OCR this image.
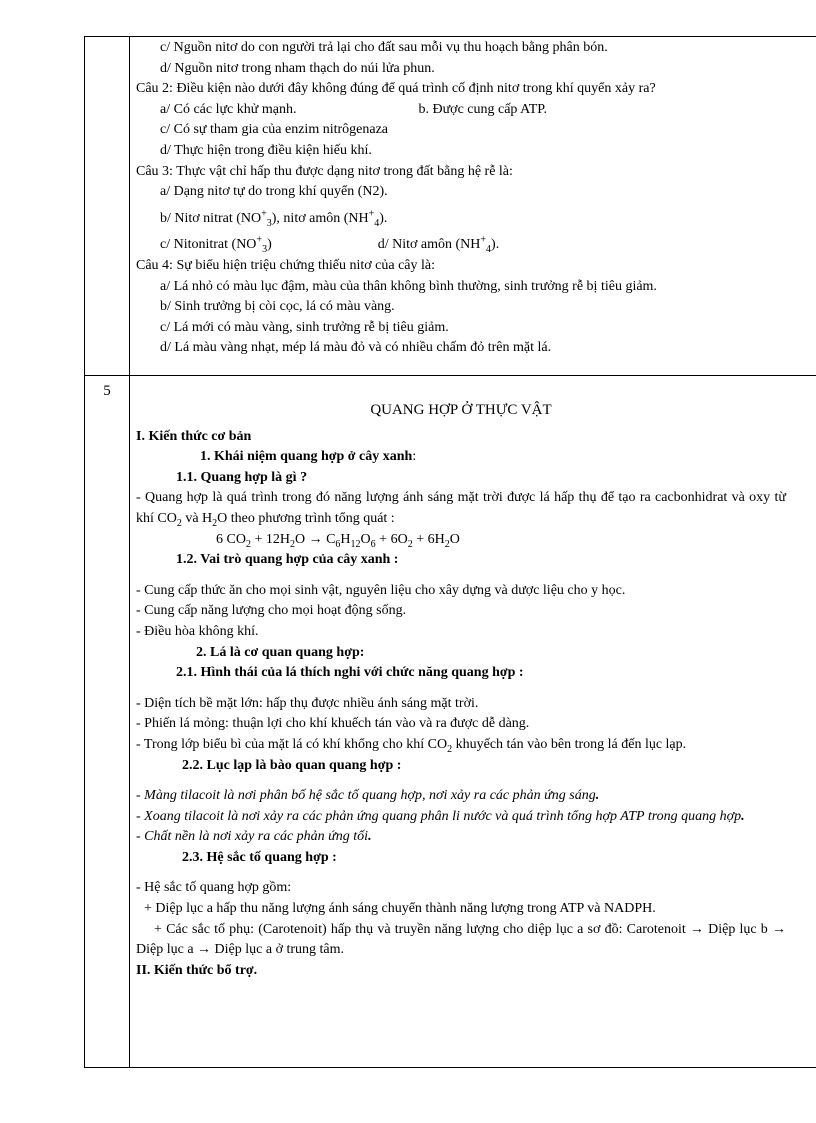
5

c/ Nguồn nitơ do con người trả lại cho đất sau mỗi vụ thu hoạch bằng phân bón.

d/ Nguồn nitơ trong nham thạch do núi lửa phun.

Câu 2: Điều kiện nào dưới đây không đúng để quá trình cố định nitơ trong khí quyển xảy ra?

a/ Có các lực khử mạnh.	b. Được cung cấp ATP.

c/ Có sự tham gia của enzim nitrôgenaza

d/ Thực hiện trong điều kiện hiếu khí.

Câu 3: Thực vật chỉ hấp thu được dạng nitơ trong đất bằng hệ rễ là:

a/ Dạng nitơ tự do trong khí quyển (N2).

b/ Nitơ nitrat $(NO^+_3)$, nitơ amôn $(NH^+_4)$.

c/ Nitonitrat $(NO^+_3)$	d/ Nitơ amôn $(NH^+_4)$.

Câu 4: Sự biểu hiện triệu chứng thiếu nitơ của cây là:

a/ Lá nhỏ có màu lục đậm, màu của thân không bình thường, sinh trưởng rễ bị tiêu giảm.

b/ Sinh trưởng bị còi cọc, lá có màu vàng.

c/ Lá mới có màu vàng, sinh trưởng rễ bị tiêu giảm.

d/ Lá màu vàng nhạt, mép lá màu đỏ và có nhiều chấm đỏ trên mặt lá.

QUANG HỢP Ở THỰC VẬT

I. Kiến thức cơ bản

1. Khái niệm quang hợp ở cây xanh:

1.1. Quang hợp là gì ?

- Quang hợp là quá trình trong đó năng lượng ánh sáng mặt trời được lá hấp thụ để tạo ra cacbonhidrat và oxy từ khí $CO_2$ và $H_2O$ theo phương trình tổng quát :

6 $CO_2 + 12H_2O \to C_6H_{12}O_6 + 6O_2 + 6H_2O$

1.2. Vai trò quang hợp của cây xanh :

- Cung cấp thức ăn cho mọi sinh vật, nguyên liệu cho xây dựng và dược liệu cho y học.

- Cung cấp năng lượng cho mọi hoạt động sống.

- Điều hòa không khí.

2. Lá là cơ quan quang hợp:

2.1. Hình thái của lá thích nghi với chức năng quang hợp :

- Diện tích bề mặt lớn: hấp thụ được nhiều ánh sáng mặt trời.

- Phiến lá mỏng: thuận lợi cho khí khuếch tán vào và ra được dễ dàng.

- Trong lớp biểu bì của mặt lá có khí khổng cho khí $CO_2$ khuyếch tán vào bên trong lá đến lục lạp.

2.2. Lục lạp là bào quan quang hợp :

- Màng tilacoit là nơi phân bố hệ sắc tố quang hợp, nơi xảy ra các phản ứng sáng.

- Xoang tilacoit là nơi xảy ra các phản ứng quang phân li nước và quá trình tổng hợp ATP trong quang hợp.

- Chất nền là nơi xảy ra các phản ứng tối.

2.3. Hệ sắc tố quang hợp :

- Hệ sắc tố quang hợp gồm:

+ Diệp lục a hấp thu năng lượng ánh sáng chuyển thành năng lượng trong ATP và NADPH.

+ Các sắc tố phụ: (Carotenoit) hấp thụ và truyền năng lượng cho diệp lục a sơ đồ: Carotenoit → Diệp lục b → Diệp lục a → Diệp lục a ở trung tâm.

II. Kiến thức bổ trợ.
